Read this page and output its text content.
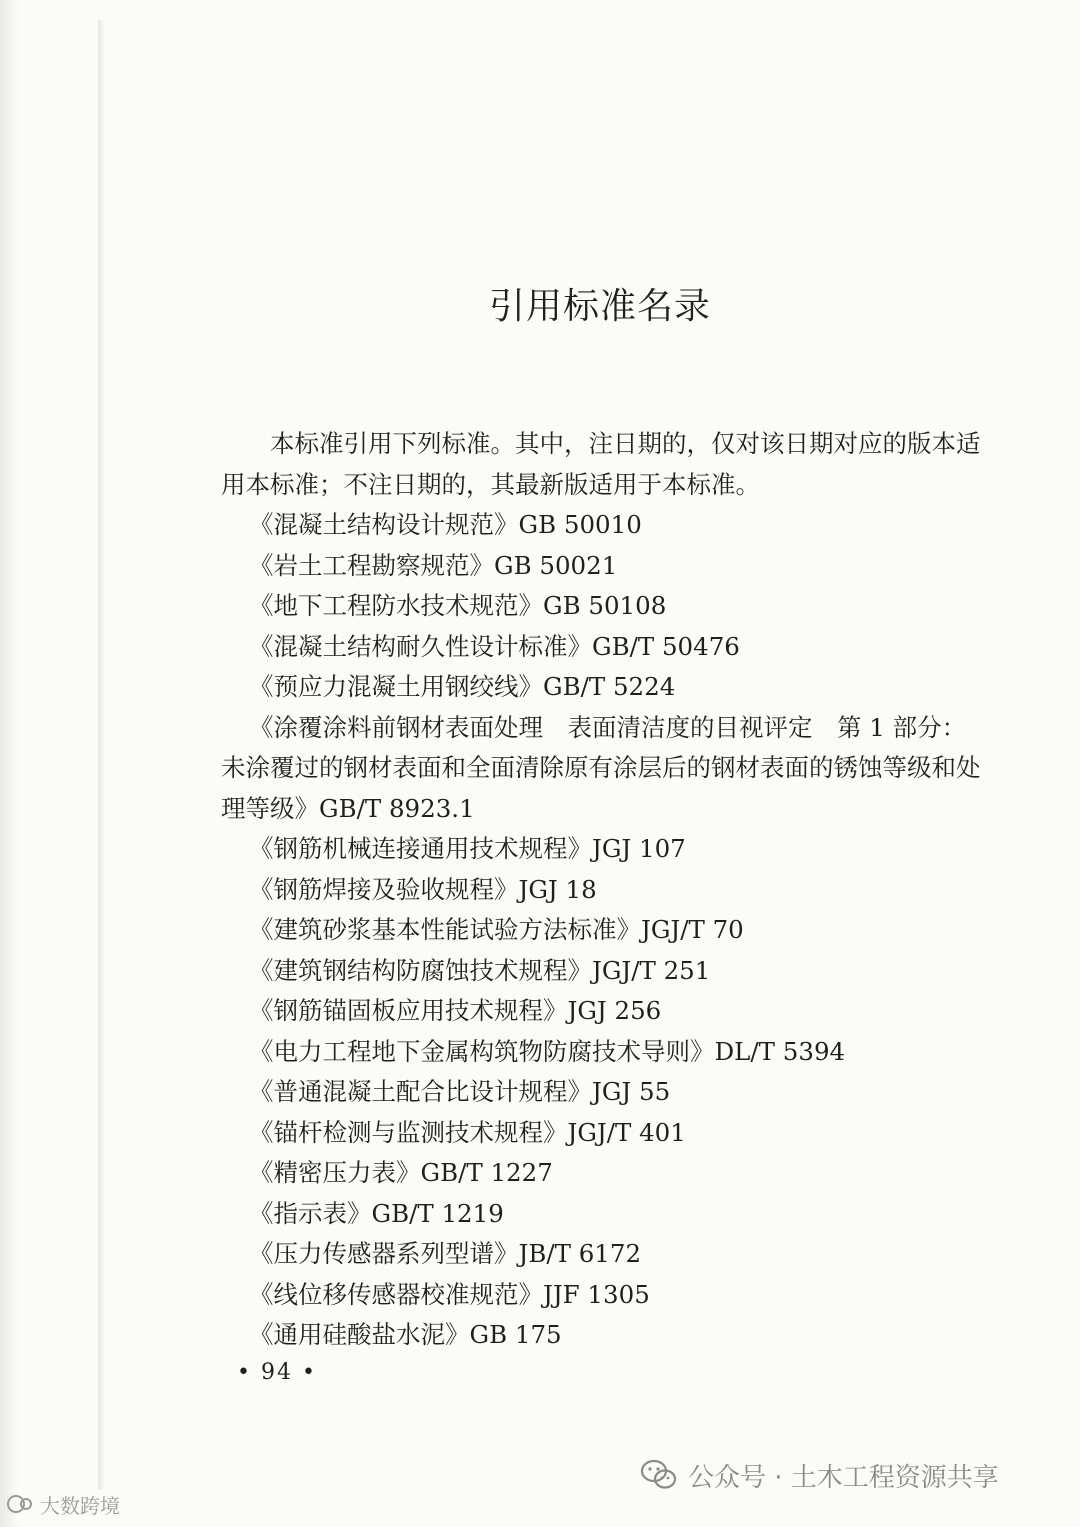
引用标准名录

本标准引用下列标准。其中，注日期的，仅对该日期对应的版本适用本标准；不注日期的，其最新版适用于本标准。

《混凝土结构设计规范》GB 50010

《岩土工程勘察规范》GB 50021

《地下工程防水技术规范》GB 50108

《混凝土结构耐久性设计标准》GB/T 50476

《预应力混凝土用钢绞线》GB/T 5224

《涂覆涂料前钢材表面处理　表面清洁度的目视评定　第 1 部分：未涂覆过的钢材表面和全面清除原有涂层后的钢材表面的锈蚀等级和处理等级》GB/T 8923.1

《钢筋机械连接通用技术规程》JGJ 107

《钢筋焊接及验收规程》JGJ 18

《建筑砂浆基本性能试验方法标准》JGJ/T 70

《建筑钢结构防腐蚀技术规程》JGJ/T 251

《钢筋锚固板应用技术规程》JGJ 256

《电力工程地下金属构筑物防腐技术导则》DL/T 5394

《普通混凝土配合比设计规程》JGJ 55

《锚杆检测与监测技术规程》JGJ/T 401

《精密压力表》GB/T 1227

《指示表》GB/T 1219

《压力传感器系列型谱》JB/T 6172

《线位移传感器校准规范》JJF 1305

《通用硅酸盐水泥》GB 175

• 94 •
公众号 · 土木工程资源共享
大数跨境
